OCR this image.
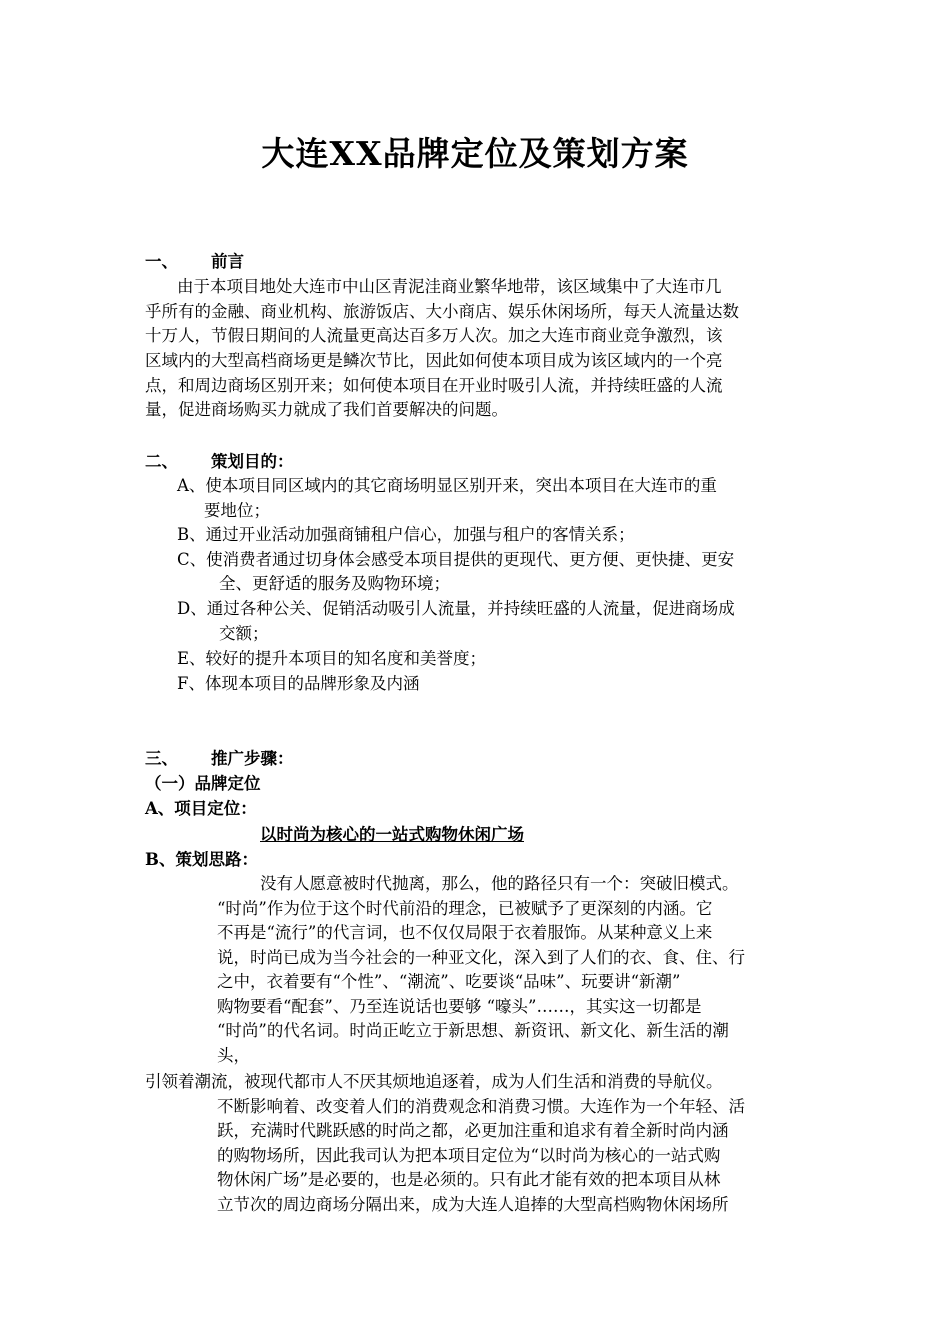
大连XX品牌定位及策划方案
一、 前言
由于本项目地处大连市中山区青泥洼商业繁华地带，该区域集中了大连市几
乎所有的金融、商业机构、旅游饭店、大小商店、娱乐休闲场所，每天人流量达数
十万人，节假日期间的人流量更高达百多万人次。加之大连市商业竞争激烈，该
区域内的大型高档商场更是鳞次节比，因此如何使本项目成为该区域内的一个亮
点，和周边商场区别开来；如何使本项目在开业时吸引人流，并持续旺盛的人流
量，促进商场购买力就成了我们首要解决的问题。
二、 策划目的：
A、使本项目同区域内的其它商场明显区别开来，突出本项目在大连市的重
要地位；
B、通过开业活动加强商铺租户信心，加强与租户的客情关系；
C、使消费者通过切身体会感受本项目提供的更现代、更方便、更快捷、更安
全、更舒适的服务及购物环境；
D、通过各种公关、促销活动吸引人流量，并持续旺盛的人流量，促进商场成
交额；
E、较好的提升本项目的知名度和美誉度；
F、体现本项目的品牌形象及内涵
三、 推广步骤：
（一）品牌定位
A、项目定位：
以时尚为核心的一站式购物休闲广场
B、策划思路：
没有人愿意被时代抛离，那么，他的路径只有一个：突破旧模式。
“时尚”作为位于这个时代前沿的理念，已被赋予了更深刻的内涵。它
不再是“流行”的代言词，也不仅仅局限于衣着服饰。从某种意义上来
说，时尚已成为当今社会的一种亚文化，深入到了人们的衣、食、住、行
之中，衣着要有“个性”、“潮流”、吃要谈“品味”、玩要讲“新潮”
购物要看“配套”、乃至连说话也要够 “嚎头”……，其实这一切都是
“时尚”的代名词。时尚正屹立于新思想、新资讯、新文化、新生活的潮
头，
引领着潮流，被现代都市人不厌其烦地追逐着，成为人们生活和消费的导航仪。
不断影响着、改变着人们的消费观念和消费习惯。大连作为一个年轻、活
跃，充满时代跳跃感的时尚之都，必更加注重和追求有着全新时尚内涵
的购物场所，因此我司认为把本项目定位为“以时尚为核心的一站式购
物休闲广场”是必要的，也是必须的。只有此才能有效的把本项目从林
立节次的周边商场分隔出来，成为大连人追捧的大型高档购物休闲场所
